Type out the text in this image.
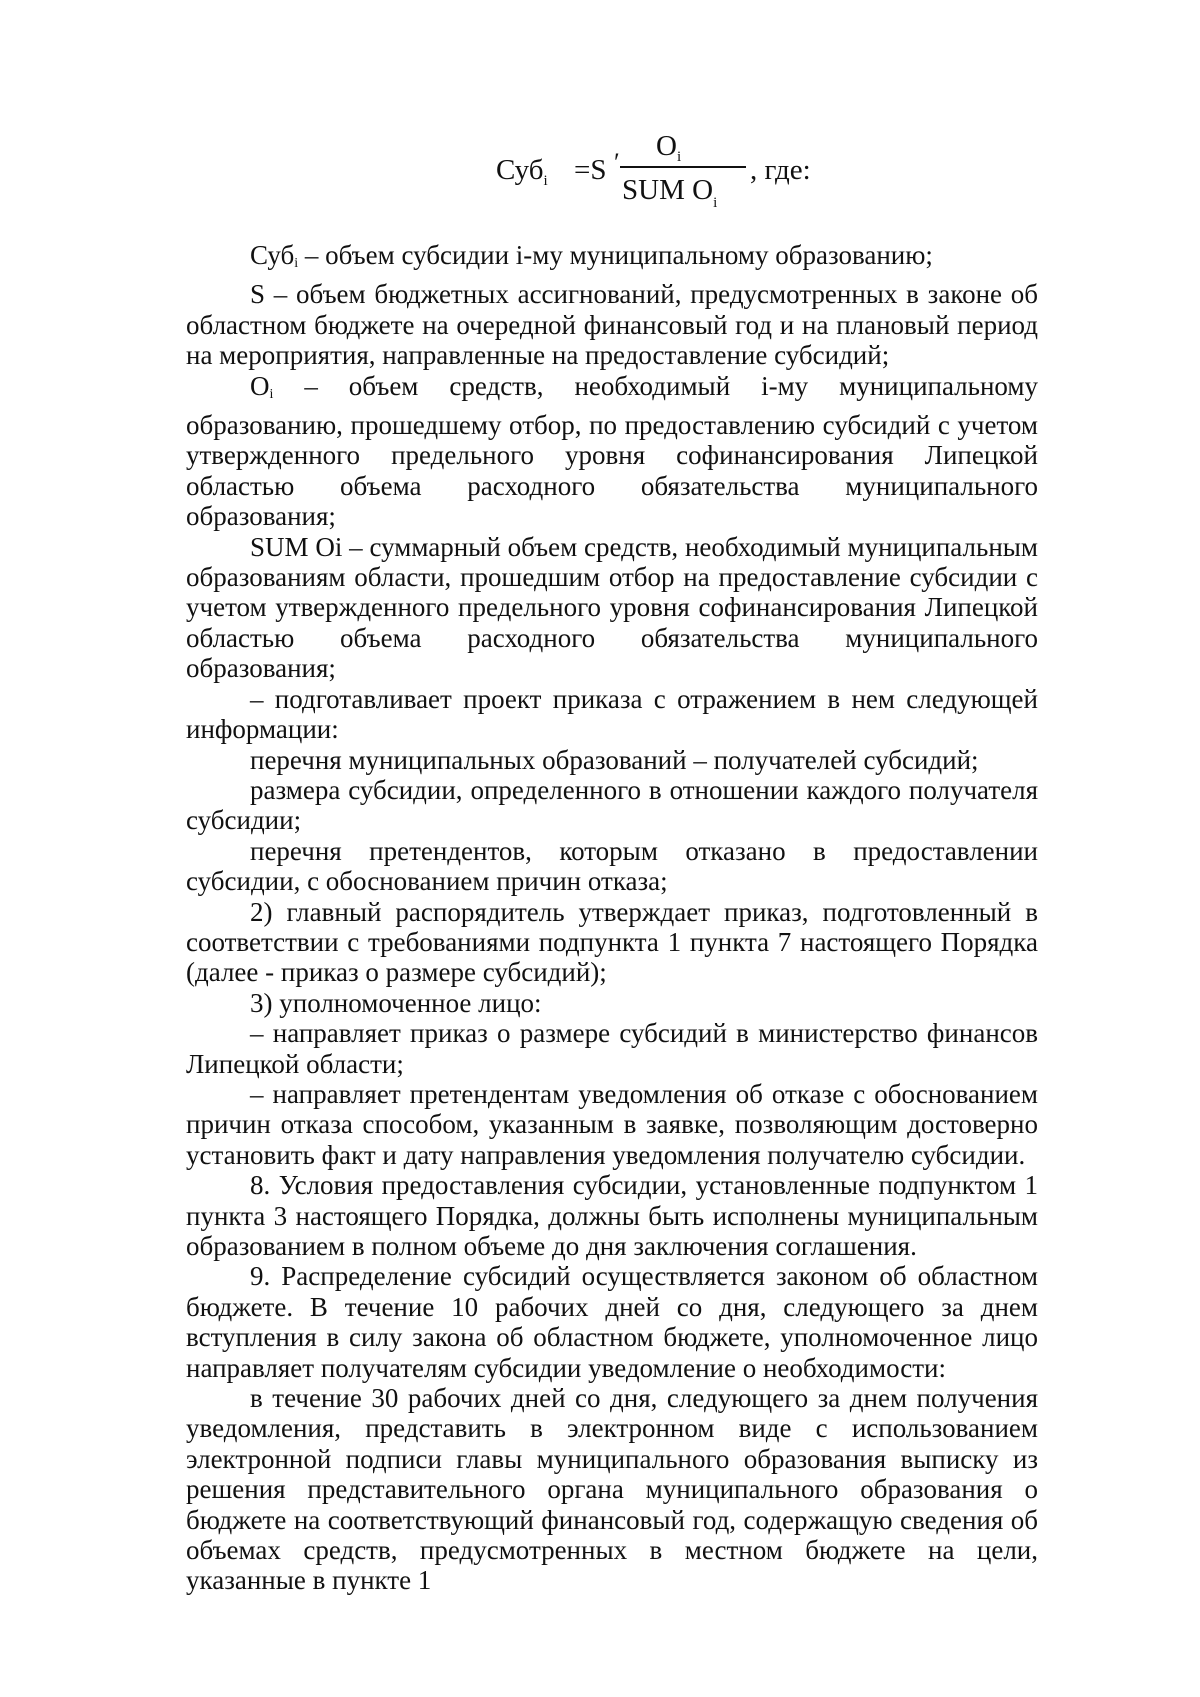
Суб$_i$ =S ′
$O_i$
SUM $O_i$
, где:

Суб$_i$ – объем субсидии i-му муниципальному образованию;

S – объем бюджетных ассигнований, предусмотренных в законе об областном бюджете на очередной финансовый год и на плановый период на мероприятия, направленные на предоставление субсидий;

$O_i$ – объем средств, необходимый i-му муниципальному образованию, прошедшему отбор, по предоставлению субсидий с учетом утвержденного предельного уровня софинансирования Липецкой областью объема расходного обязательства муниципального образования;

SUM Oi – суммарный объем средств, необходимый муниципальным образованиям области, прошедшим отбор на предоставление субсидии с учетом утвержденного предельного уровня софинансирования Липецкой областью объема расходного обязательства муниципального образования;

– подготавливает проект приказа с отражением в нем следующей информации:

перечня муниципальных образований – получателей субсидий;

размера субсидии, определенного в отношении каждого получателя субсидии;

перечня претендентов, которым отказано в предоставлении субсидии, с обоснованием причин отказа;

2) главный распорядитель утверждает приказ, подготовленный в соответствии с требованиями подпункта 1 пункта 7 настоящего Порядка (далее - приказ о размере субсидий);

3) уполномоченное лицо:

– направляет приказ о размере субсидий в министерство финансов Липецкой области;

– направляет претендентам уведомления об отказе с обоснованием причин отказа способом, указанным в заявке, позволяющим достоверно установить факт и дату направления уведомления получателю субсидии.

8. Условия предоставления субсидии, установленные подпунктом 1 пункта 3 настоящего Порядка, должны быть исполнены муниципальным образованием в полном объеме до дня заключения соглашения.

9. Распределение субсидий осуществляется законом об областном бюджете. В течение 10 рабочих дней со дня, следующего за днем вступления в силу закона об областном бюджете, уполномоченное лицо направляет получателям субсидии уведомление о необходимости:

в течение 30 рабочих дней со дня, следующего за днем получения уведомления, представить в электронном виде с использованием электронной подписи главы муниципального образования выписку из решения представительного органа муниципального образования о бюджете на соответствующий финансовый год, содержащую сведения об объемах средств, предусмотренных в местном бюджете на цели, указанные в пункте 1
